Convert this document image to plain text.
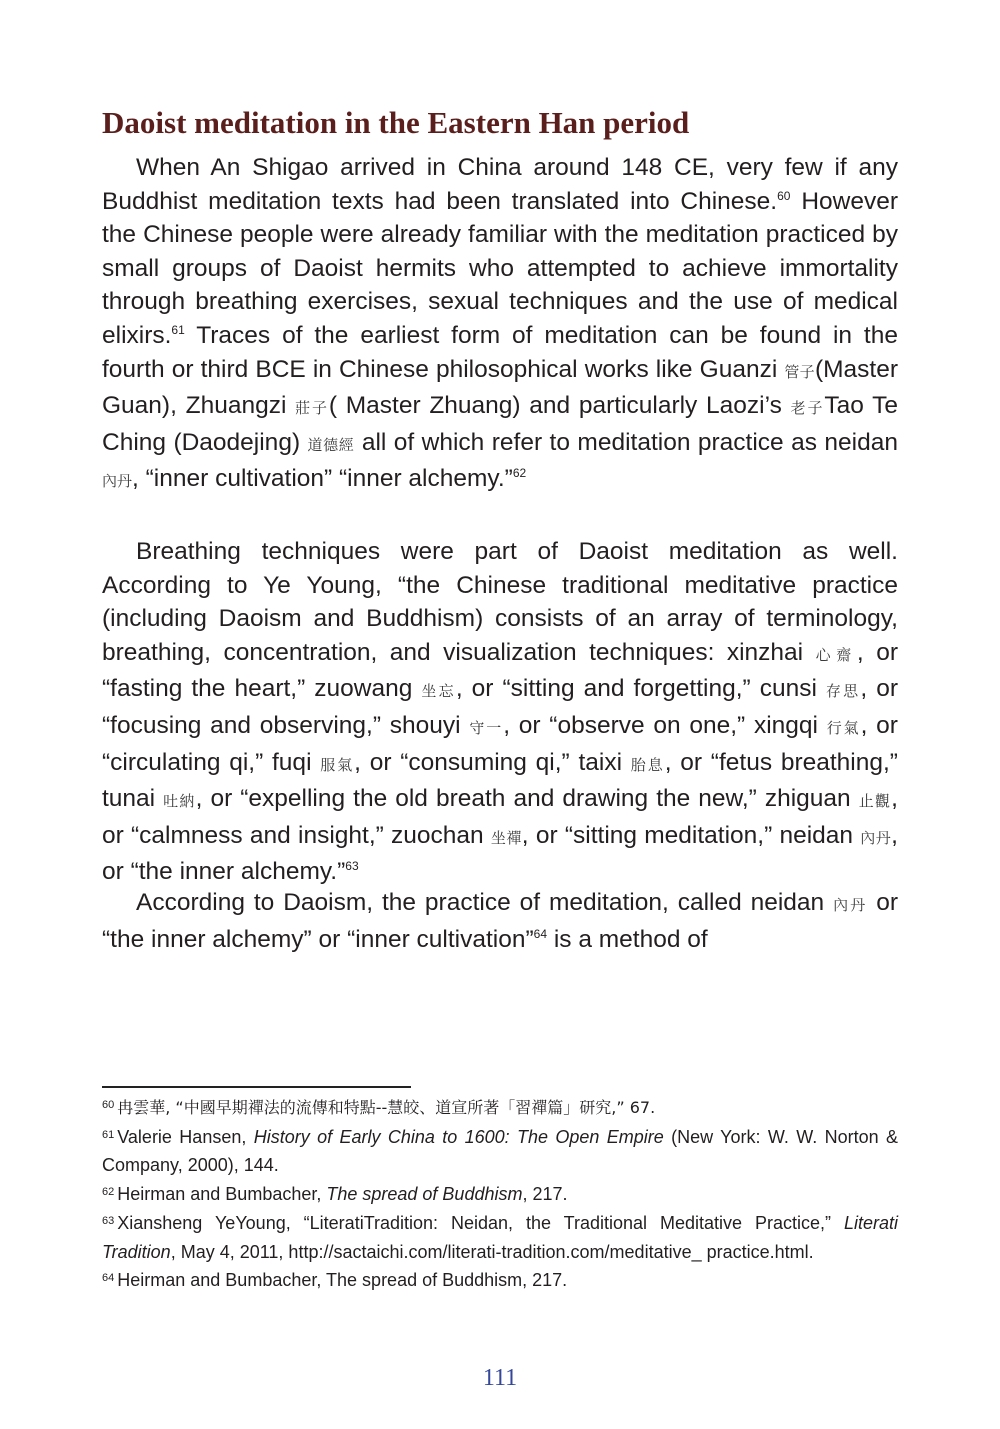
Daoist meditation in the Eastern Han period

When An Shigao arrived in China around 148 CE, very few if any Buddhist meditation texts had been translated into Chinese.$^{60}$ However the Chinese people were already familiar with the meditation practiced by small groups of Daoist hermits who attempted to achieve immortality through breathing exercises, sexual techniques and the use of medical elixirs.$^{61}$ Traces of the earliest form of meditation can be found in the fourth or third BCE in Chinese philosophical works like Guanzi 管子(Master Guan), Zhuangzi 莊子( Master Zhuang) and particularly Laozi’s 老子Tao Te Ching (Daodejing) 道德經 all of which refer to meditation practice as neidan 內丹, “inner cultivation” “inner alchemy.”$^{62}$

Breathing techniques were part of Daoist meditation as well. According to Ye Young, “the Chinese traditional meditative practice (including Daoism and Buddhism) consists of an array of terminology, breathing, concentration, and visualization techniques: xinzhai 心齋, or “fasting the heart,” zuowang 坐忘, or “sitting and forgetting,” cunsi 存思, or “focusing and observing,” shouyi 守一, or “observe on one,” xingqi 行氣, or “circulating qi,” fuqi 服氣, or “consuming qi,” taixi 胎息, or “fetus breathing,” tunai 吐納, or “expelling the old breath and drawing the new,” zhiguan 止觀, or “calmness and insight,” zuochan 坐禪, or “sitting meditation,” neidan 內丹, or “the inner alchemy.”$^{63}$

According to Daoism, the practice of meditation, called neidan 內丹 or “the inner alchemy” or “inner cultivation”$^{64}$ is a method of

$^{60}$ 冉雲華, “中國早期禪法的流傳和特點--慧皎、道宣所著「習禪篇」研究,” 67.

$^{61}$ Valerie Hansen, History of Early China to 1600: The Open Empire (New York: W. W. Norton & Company, 2000), 144.

$^{62}$ Heirman and Bumbacher, The spread of Buddhism, 217.

$^{63}$ Xiansheng YeYoung, “LiteratiTradition: Neidan, the Traditional Meditative Practice,” Literati Tradition, May 4, 2011, http://sactaichi.com/literati-tradition.com/meditative_ practice.html.

$^{64}$ Heirman and Bumbacher, The spread of Buddhism, 217.

111
